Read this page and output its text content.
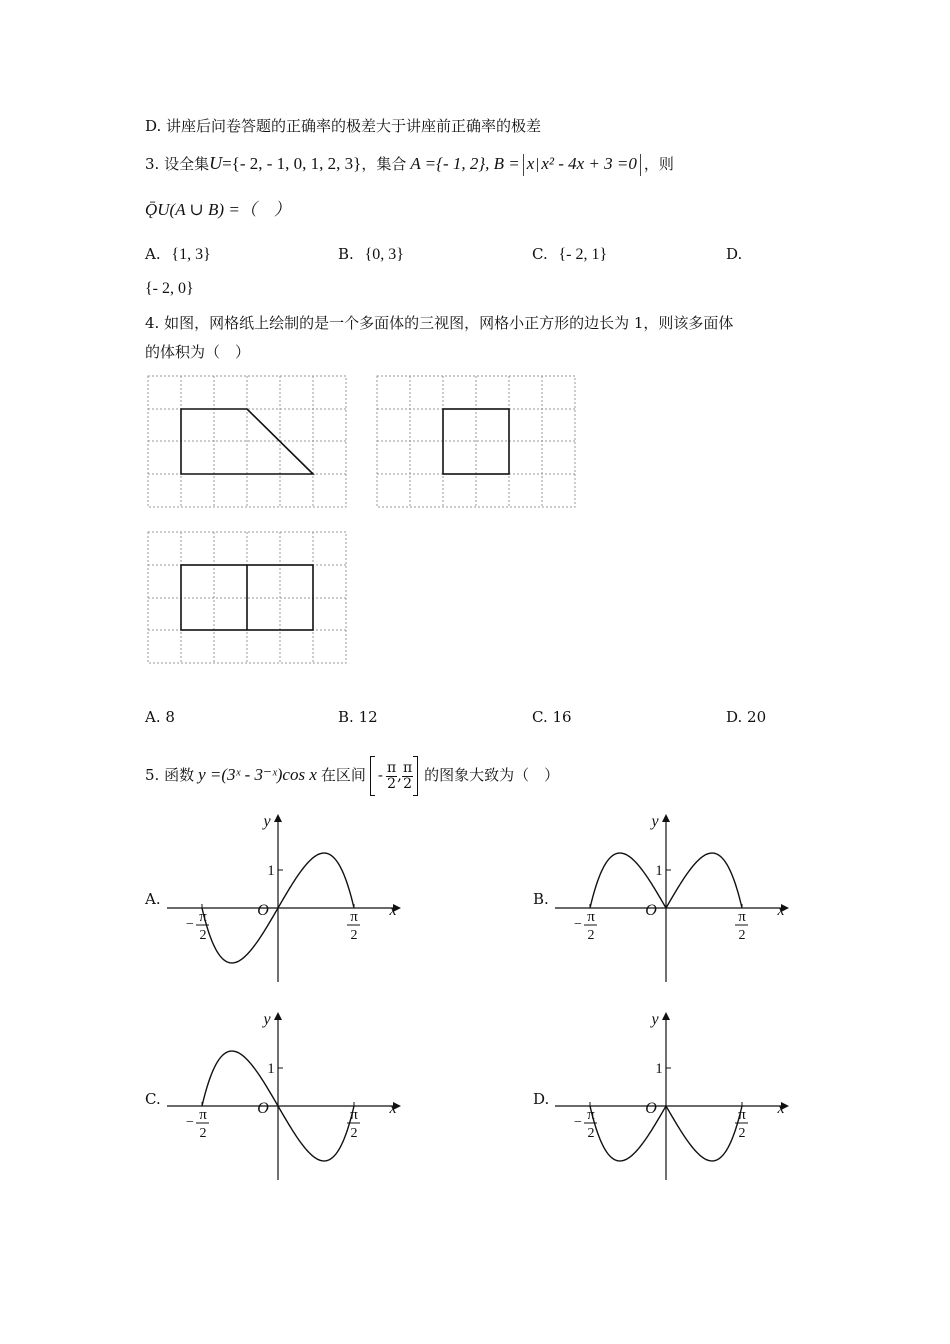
D. 讲座后问卷答题的正确率的极差大于讲座前正确率的极差
3. 设全集U={- 2, - 1, 0, 1, 2, 3}，集合 A ={- 1, 2}, B = x x² - 4x + 3 =0 ，则
ǬU(A ∪ B) =（　）
A. {1, 3}	B. {0, 3}	C. {- 2, 1}	D.
{- 2, 0}
4. 如图，网格纸上绘制的是一个多面体的三视图，网格小正方形的边长为 1，则该多面体
的体积为（　）
A. 8	B. 12	C. 16	D. 20
5. 函数 y =(3ˣ - 3⁻ˣ)cos x 在区间 - $\frac{\pi}{2}$ , $\frac{\pi}{2}$ 的图象大致为（　）
A.	B.
C.	D.
1
y
x
O
− π
2
π
2
1
y
x
O
− π
2
π
2
1
y
x
O
− π
2
π
2
1
y
x
O
− π
2
π
2
